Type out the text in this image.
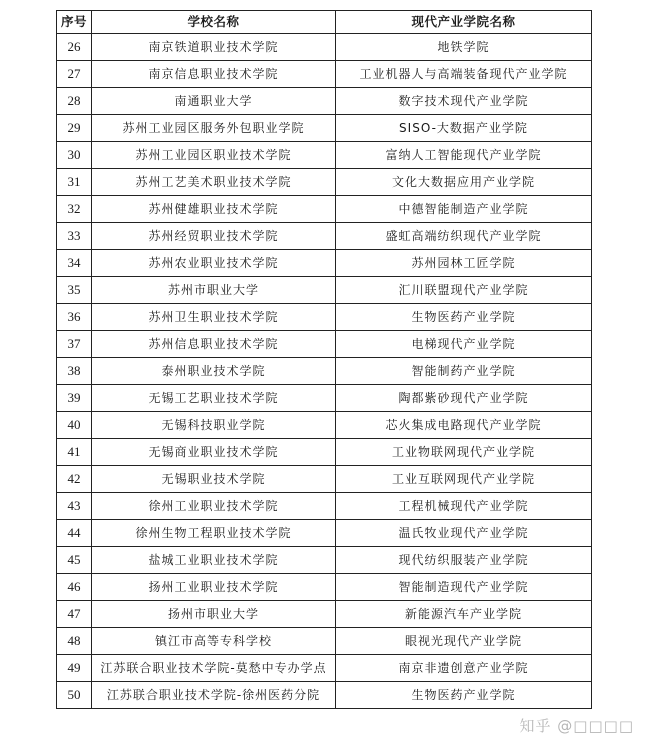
序号	学校名称	现代产业学院名称
26	南京铁道职业技术学院	地铁学院
27	南京信息职业技术学院	工业机器人与高端装备现代产业学院
28	南通职业大学	数字技术现代产业学院
29	苏州工业园区服务外包职业学院	SISO-大数据产业学院
30	苏州工业园区职业技术学院	富纳人工智能现代产业学院
31	苏州工艺美术职业技术学院	文化大数据应用产业学院
32	苏州健雄职业技术学院	中德智能制造产业学院
33	苏州经贸职业技术学院	盛虹高端纺织现代产业学院
34	苏州农业职业技术学院	苏州园林工匠学院
35	苏州市职业大学	汇川联盟现代产业学院
36	苏州卫生职业技术学院	生物医药产业学院
37	苏州信息职业技术学院	电梯现代产业学院
38	泰州职业技术学院	智能制药产业学院
39	无锡工艺职业技术学院	陶都紫砂现代产业学院
40	无锡科技职业学院	芯火集成电路现代产业学院
41	无锡商业职业技术学院	工业物联网现代产业学院
42	无锡职业技术学院	工业互联网现代产业学院
43	徐州工业职业技术学院	工程机械现代产业学院
44	徐州生物工程职业技术学院	温氏牧业现代产业学院
45	盐城工业职业技术学院	现代纺织服装产业学院
46	扬州工业职业技术学院	智能制造现代产业学院
47	扬州市职业大学	新能源汽车产业学院
48	镇江市高等专科学校	眼视光现代产业学院
49	江苏联合职业技术学院-莫愁中专办学点	南京非遗创意产业学院
50	江苏联合职业技术学院-徐州医药分院	生物医药产业学院
知乎 @□□□□
